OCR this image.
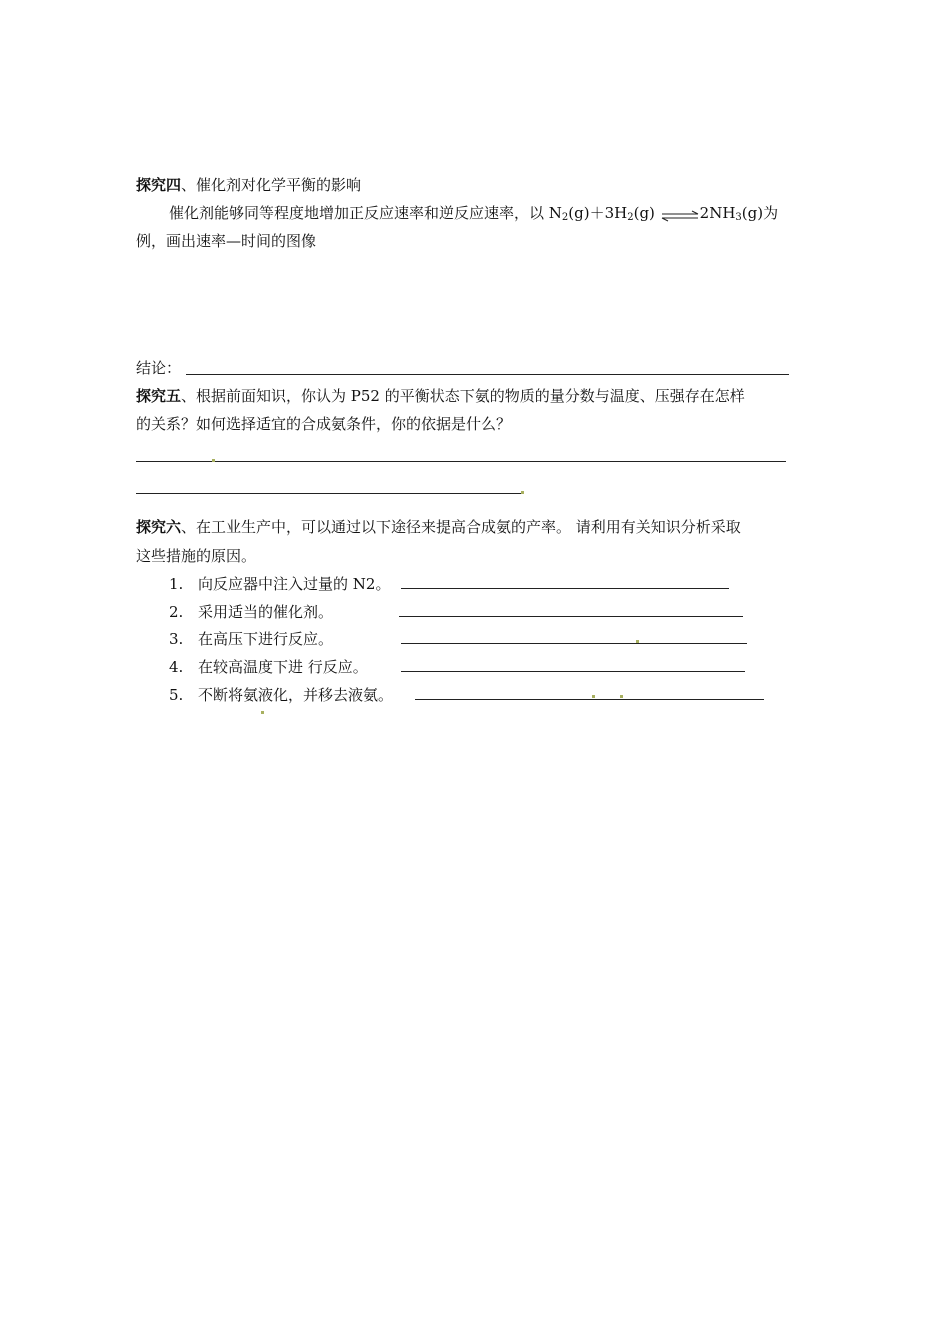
探究四、催化剂对化学平衡的影响
催化剂能够同等程度地增加正反应速率和逆反应速率，以 $N_2(g)+3H_2(g)$ $\rightleftharpoons 2NH_3(g)$为
例，画出速率—时间的图像
结论：
探究五、根据前面知识，你认为 P52 的平衡状态下氨的物质的量分数与温度、压强存在怎样
的关系？如何选择适宜的合成氨条件，你的依据是什么？
探究六、在工业生产中，可以通过以下途径来提高合成氨的产率。 请利用有关知识分析采取
这些措施的原因。
1. 向反应器中注入过量的 N2。
2. 采用适当的催化剂。
3. 在高压下进行反应。
4. 在较高温度下进 行反应。
5. 不断将氨液化，并移去液氨。
